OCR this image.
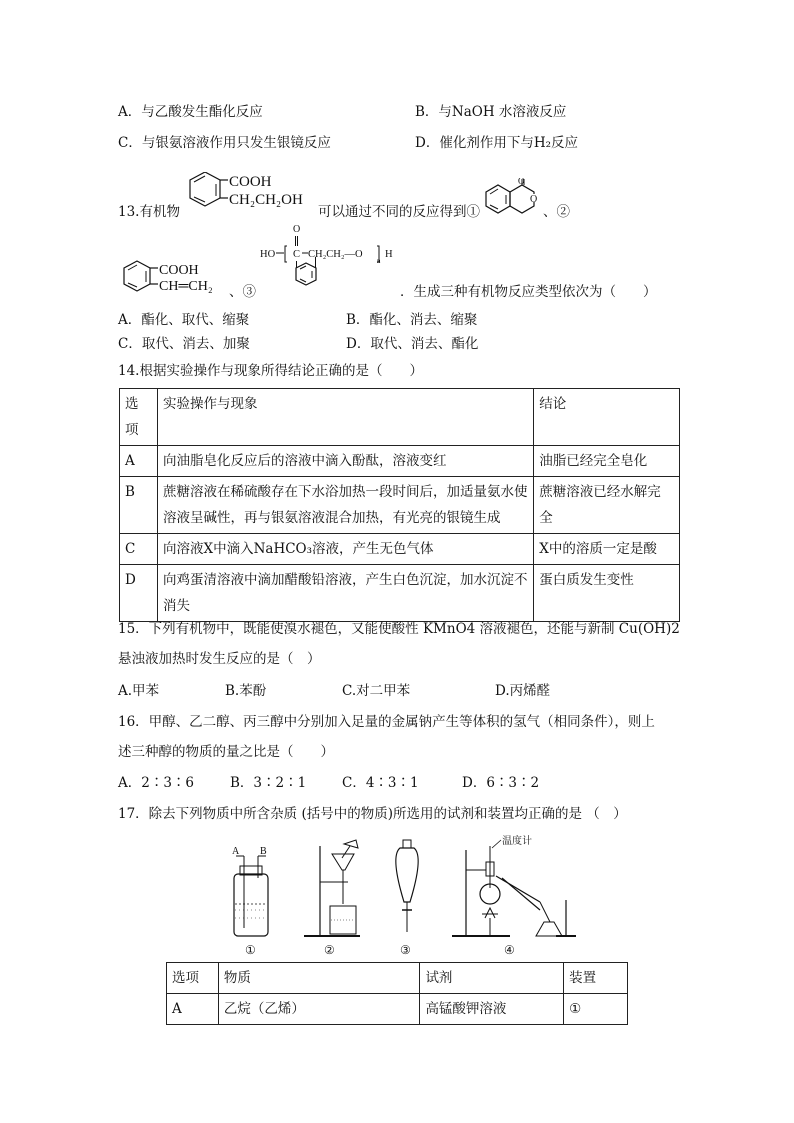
A．与乙酸发生酯化反应	B．与NaOH 水溶液反应
C．与银氨溶液作用只发生银镜反应	D．催化剂作用下与H₂反应
13.有机物
COOH
CH₂CH₂OH
可以通过不同的反应得到①
O
O
、②
COOH
CH═CH₂ 、③
HO
O
C CH₂CH₂—O
n
H
．生成三种有机物反应类型依次为（　　）
A．酯化、取代、缩聚	B．酯化、消去、缩聚
C．取代、消去、加聚	D．取代、消去、酯化
14.根据实验操作与现象所得结论正确的是（　　）
选项	实验操作与现象	结论
A	向油脂皂化反应后的溶液中滴入酚酞，溶液变红	油脂已经完全皂化
B	蔗糖溶液在稀硫酸存在下水浴加热一段时间后，加适量氨水使溶液呈碱性，再与银氨溶液混合加热，有光亮的银镜生成	蔗糖溶液已经水解完全
C	向溶液X中滴入NaHCO₃溶液，产生无色气体	X中的溶质一定是酸
D	向鸡蛋清溶液中滴加醋酸铅溶液，产生白色沉淀，加水沉淀不消失	蛋白质发生变性
15．下列有机物中，既能使溴水褪色，又能使酸性 KMnO4 溶液褪色，还能与新制 Cu(OH)2
悬浊液加热时发生反应的是（　）
A.甲苯	B.苯酚	C.对二甲苯	D.丙烯醛
16．甲醇、乙二醇、丙三醇中分别加入足量的金属钠产生等体积的氢气（相同条件），则上
述三种醇的物质的量之比是（　　）
A．2∶3∶6	B．3∶2∶1	C．4∶3∶1	D．6∶3∶2
17．除去下列物质中所含杂质 (括号中的物质)所选用的试剂和装置均正确的是 （　）
A B
①	②	③
温度计
④
选项	物质	试剂	装置
A	乙烷（乙烯）	高锰酸钾溶液	①
